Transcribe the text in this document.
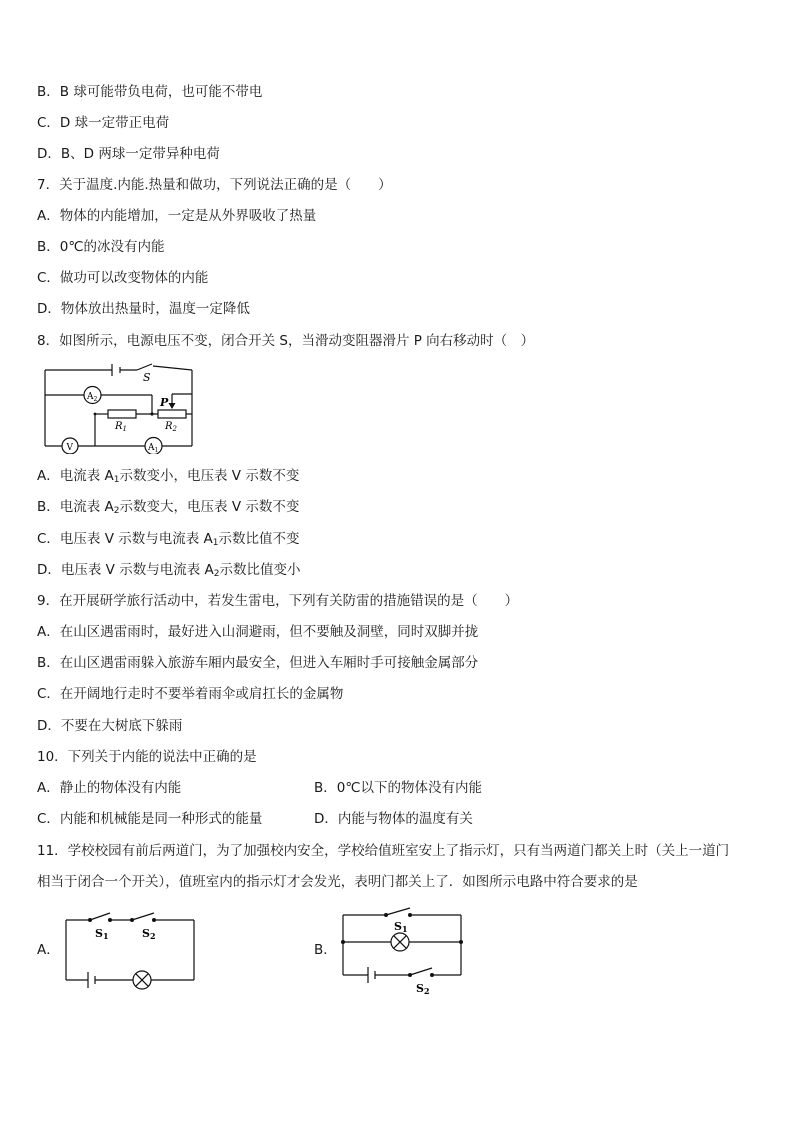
B．B 球可能带负电荷，也可能不带电
C．D 球一定带正电荷
D．B、D 两球一定带异种电荷
7．关于温度.内能.热量和做功，下列说法正确的是（　　）
A．物体的内能增加，一定是从外界吸收了热量
B．0℃的冰没有内能
C．做功可以改变物体的内能
D．物体放出热量时，温度一定降低
8．如图所示，电源电压不变，闭合开关 S，当滑动变阻器滑片 P 向右移动时（　）
S
P
$R_1$	$R_2$
$A_2$
V	$A_1$
A．电流表 $A_1$示数变小，电压表 V 示数不变
B．电流表 $A_2$示数变大，电压表 V 示数不变
C．电压表 V 示数与电流表 $A_1$示数比值不变
D．电压表 V 示数与电流表 $A_2$示数比值变小
9．在开展研学旅行活动中，若发生雷电，下列有关防雷的措施错误的是（　　）
A．在山区遇雷雨时，最好进入山洞避雨，但不要触及洞壁，同时双脚并拢
B．在山区遇雷雨躲入旅游车厢内最安全，但进入车厢时手可接触金属部分
C．在开阔地行走时不要举着雨伞或肩扛长的金属物
D．不要在大树底下躲雨
10．下列关于内能的说法中正确的是
A．静止的物体没有内能	B．0℃以下的物体没有内能
C．内能和机械能是同一种形式的能量	D．内能与物体的温度有关
11．学校校园有前后两道门，为了加强校内安全，学校给值班室安上了指示灯，只有当两道门都关上时（关上一道门
相当于闭合一个开关），值班室内的指示灯才会发光，表明门都关上了．如图所示电路中符合要求的是
A．
S1	S2
B．
S1
S2
